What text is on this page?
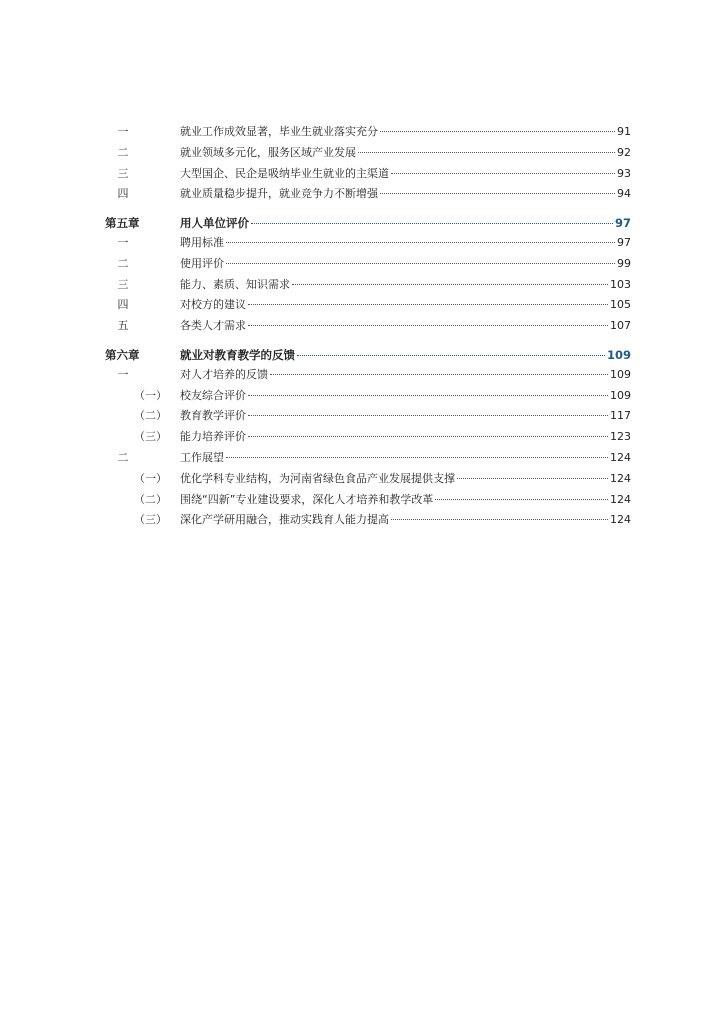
一	就业工作成效显著，毕业生就业落实充分	91
二	就业领域多元化，服务区域产业发展	92
三	大型国企、民企是吸纳毕业生就业的主渠道	93
四	就业质量稳步提升，就业竞争力不断增强	94
第五章	用人单位评价	97
一	聘用标准	97
二	使用评价	99
三	能力、素质、知识需求	103
四	对校方的建议	105
五	各类人才需求	107
第六章	就业对教育教学的反馈	109
一	对人才培养的反馈	109
（一） 校友综合评价	109
（二） 教育教学评价	117
（三） 能力培养评价	123
二	工作展望	124
（一） 优化学科专业结构，为河南省绿色食品产业发展提供支撑	124
（二） 围绕“四新”专业建设要求，深化人才培养和教学改革	124
（三） 深化产学研用融合，推动实践育人能力提高	124
